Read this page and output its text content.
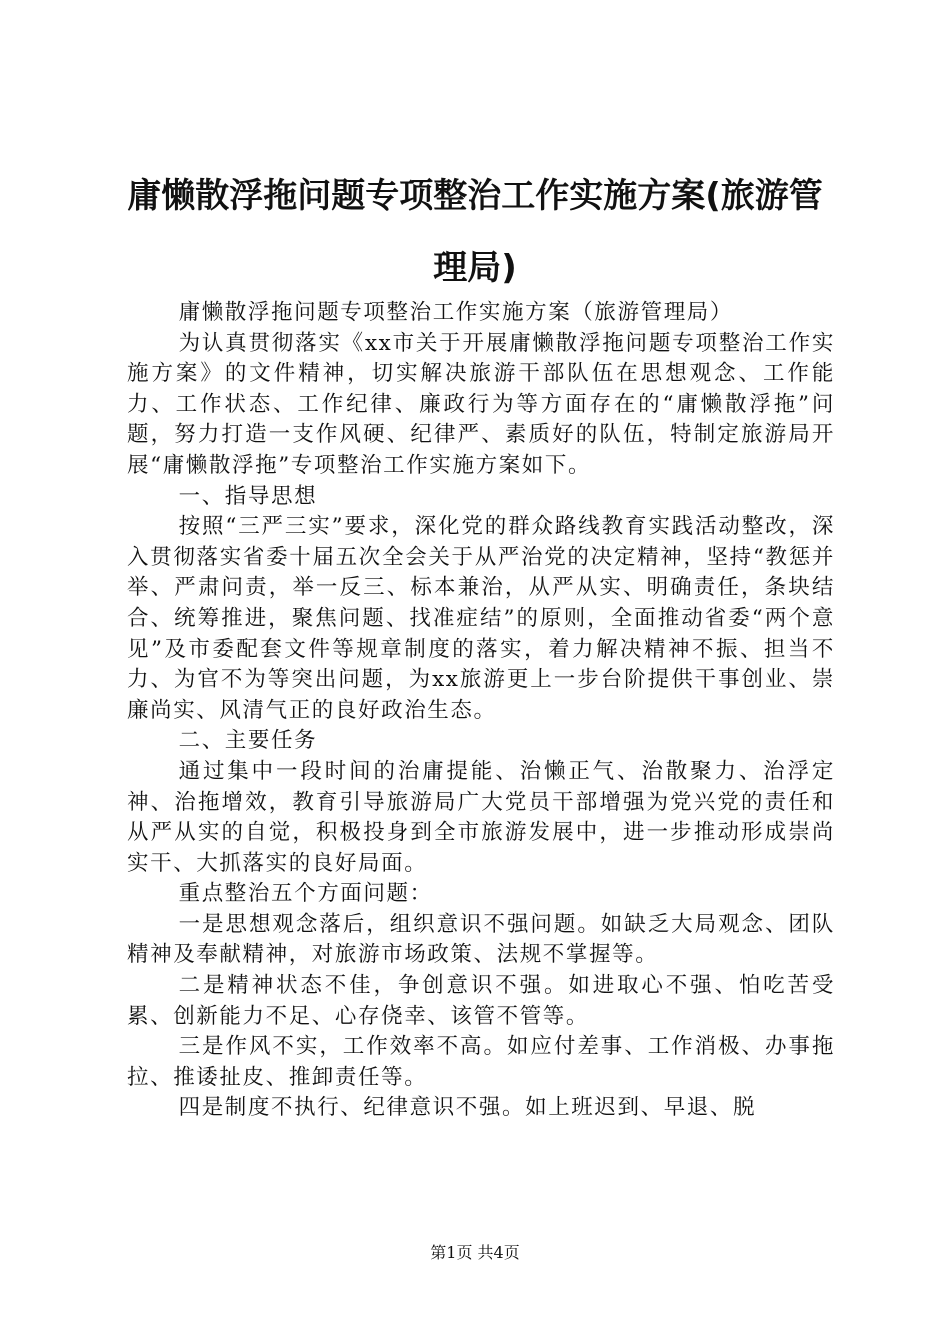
庸懒散浮拖问题专项整治工作实施方案(旅游管理局)

庸懒散浮拖问题专项整治工作实施方案（旅游管理局）

为认真贯彻落实《xx市关于开展庸懒散浮拖问题专项整治工作实施方案》的文件精神，切实解决旅游干部队伍在思想观念、工作能力、工作状态、工作纪律、廉政行为等方面存在的“庸懒散浮拖”问题，努力打造一支作风硬、纪律严、素质好的队伍，特制定旅游局开展“庸懒散浮拖”专项整治工作实施方案如下。

一、指导思想

按照“三严三实”要求，深化党的群众路线教育实践活动整改，深入贯彻落实省委十届五次全会关于从严治党的决定精神，坚持“教惩并举、严肃问责，举一反三、标本兼治，从严从实、明确责任，条块结合、统筹推进，聚焦问题、找准症结”的原则，全面推动省委“两个意见”及市委配套文件等规章制度的落实，着力解决精神不振、担当不力、为官不为等突出问题，为xx旅游更上一步台阶提供干事创业、崇廉尚实、风清气正的良好政治生态。

二、主要任务

通过集中一段时间的治庸提能、治懒正气、治散聚力、治浮定神、治拖增效，教育引导旅游局广大党员干部增强为党兴党的责任和从严从实的自觉，积极投身到全市旅游发展中，进一步推动形成崇尚实干、大抓落实的良好局面。

重点整治五个方面问题：

一是思想观念落后，组织意识不强问题。如缺乏大局观念、团队精神及奉献精神，对旅游市场政策、法规不掌握等。

二是精神状态不佳，争创意识不强。如进取心不强、怕吃苦受累、创新能力不足、心存侥幸、该管不管等。

三是作风不实，工作效率不高。如应付差事、工作消极、办事拖拉、推诿扯皮、推卸责任等。

四是制度不执行、纪律意识不强。如上班迟到、早退、脱

第1页 共4页
